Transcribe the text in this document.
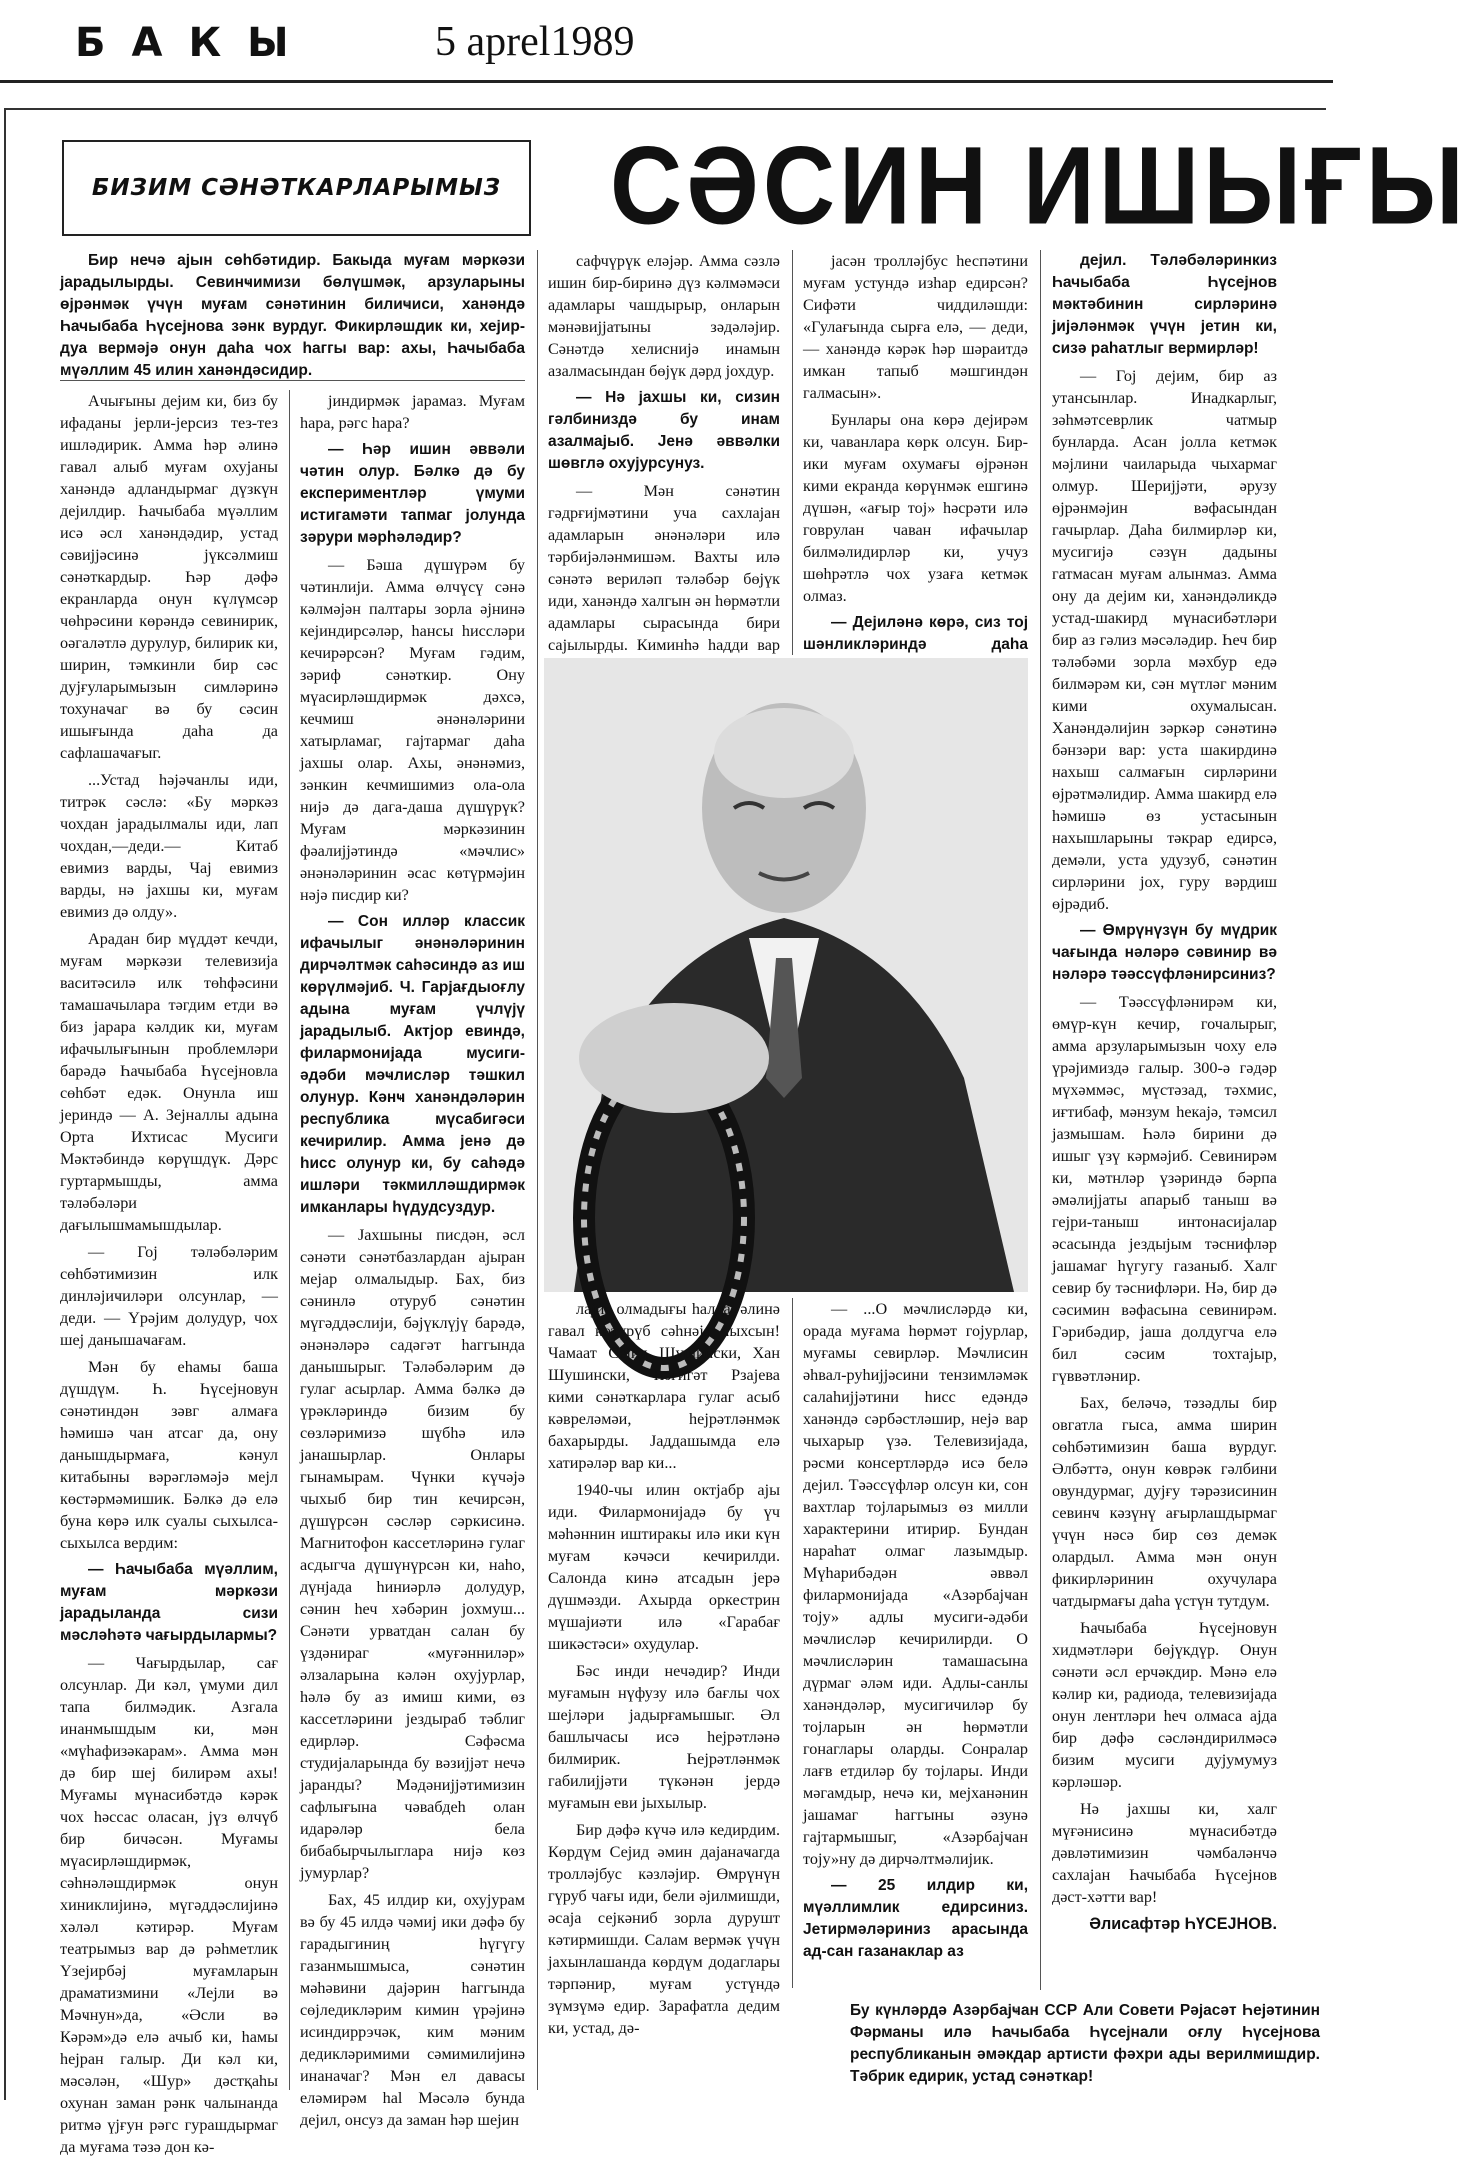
БАКЫ	5 aprel1989
БИЗИМ СӘНӘТКАРЛАРЫМЫЗ СӘСИН ИШЫҒЫ

Бир нечә ајын сөһбәтидир. Бакыда муғам мәркәзи јарадылырды. Севинҹимизи бөлүшмәк, арзуларыны өјрәнмәк үчүн муғам сәнәтинин билиҹиси, ханәндә Һачыбаба Һүсејнова зәнк вурдуг. Фикирләшдик ки, хејир-дуа вермәјә онун даһа чох һаггы вар: ахы, Һачыбаба мүәллим 45 илин ханәндәсидир.

Ачығыны дејим ки, биз бу ифаданы јерли-јерсиз тез-тез ишләдирик. Амма һәр әлинә гавал алыб муғам охујаны ханәндә адландырмаг дүзкүн дејилдир. Һачыбаба мүәллим исә әсл ханәндәдир, устад сәвијјәсинә јүксәлмиш сәнәткардыр. Һәр дәфә екранларда онун күлүмсәр чөһрәсини көрәндә севинирик, оәгаләтлә дурулур, билирик ки, ширин, тәмкинли бир сәс дујғуларымызын симләринә тохунаҹаг вә бу сәсин ишығында даһа да сафлашаҹағыг.

...Устад һәјәҹанлы иди, титрәк сәслә: «Бу мәркәз чохдан јарадылмалы иди, лап чохдан,—деди.— Китаб евимиз варды, Чај евимиз варды, нә јахшы ки, муғам евимиз дә олду».

Арадан бир мүддәт кечди, муғам мәркәзи телевизија васитәсилә илк төһфәсини тамашачылара тәгдим етди вә биз јарара кәлдик ки, муғам ифачылығынын проблемләри барәдә Һачыбаба Һүсејновла сөһбәт едәк. Онунла иш јериндә — А. Зејналлы адына Орта Ихтисас Мусиги Мәктәбиндә көрүшдүк. Дәрс гуртармышды, амма тәләбәләри дағылышмамышдылар.

— Гој тәләбәләрим сөһбәтимизин илк динләјиҹиләри олсунлар, — деди. — Үрәјим долудур, чох шеј данышаҹағам.

Мән бу еһамы баша дүшдүм. Һ. Һүсејновун сәнәтиндән зәвг алмаға һәмишә чан атсаг да, ону данышдырмаға, кәнул китабыны вәрәгләмәјә мејл көстәрмәмишик. Бәлкә дә елә буна көрә илк суалы сыхылса-сыхылса вердим:

— Һачыбаба мүәллим, муғам мәркәзи јарадыланда сизи мәсләһәтә чағырдылармы?

— Чағырдылар, сағ олсунлар. Ди кәл, үмуми дил тапа билмәдик. Азгала инанмышдым ки, мән «мүһафизәкарам». Амма мән дә бир шеј билирәм ахы! Муғамы мүнасибәтдә кәрәк чох һәссас оласан, јүз өлчүб бир бичәсән. Муғамы мүасирләшдирмәк, сәһнәләшдирмәк онун хиниклијинә, мүгәддәслијинә хәләл кәтирәр. Муғам театрымыз вар дә рәһметлик Үзејирбәј муғамларын драматизмини «Лејли вә Мәҹнун»да, «Әсли вә Кәрәм»дә елә ачыб ки, һамы һејран галыр. Ди кәл ки, мәсәлән, «Шур» дәстқаһы охунан заман рәнк чалынанда ритмә үјғун рәгс гурашдырмаг да муғама тәзә дон кә-

јиндирмәк јарамаз. Муғам һара, рәгс һара?

— Һәр ишин әввәли чәтин олур. Бәлкә дә бу експериментләр үмуми истигамәти тапмаг јолунда зәрури мәрһәләдир?

— Бәша дүшүрәм бу чәтинлији. Амма өлчүсү сәнә кәлмәјән палтары зорла әјнинә кејиндирсәләр, һансы һиссләри кечирәрсән? Муғам гәдим, зәриф сәнәткир. Ону мүасирләшдирмәк дәхсә, кечмиш әнәнәләрини хатырламаг, гајтармаг даһа јахшы олар. Ахы, әнәнәмиз, зәнкин кечмишимиз ола-ола нијә дә дага-даша дүшүрүк? Муғам мәркәзинин фәалијјәтиндә «мәҹлис» әнәнәләринин әсас көтүрмәјин нәјә писдир ки?

— Сон илләр классик ифачылыг әнәнәләринин дирчәлтмәк саһәсиндә аз иш көрүлмәјиб. Ч. Гарјағдыоғлу адына муғам үчлүјү јарадылыб. Актјор евиндә, филармонијада мусиги-әдәби мәҹлисләр тәшкил олунур. Кәнҹ ханәндәләрин республика мүсабигәси кечирилир. Амма јенә дә һисс олунур ки, бу саһәдә ишләри тәкмилләшдирмәк имканлары һүдудсуздур.

— Јахшыны писдән, әсл сәнәти сәнәтбазлардан ајыран мејар олмалыдыр. Бах, биз сәнинлә отуруб сәнәтин мүгәддәслији, бәјүклүјү барәдә, әнәнәләрә садәгәт һаггында данышырыг. Тәләбәләрим дә гулаг асырлар. Амма бәлкә дә үрәкләриндә бизим бу сөзләримизә шүбһә илә јанашырлар. Онлары гынамырам. Чүнки күчәјә чыхыб бир тин кечирсән, дүшүрсән сәсләр сәркисинә. Магнитофон кассетләринә гулаг асдыгча дүшүнүрсән ки, наһо, дүнјада һиниәрлә долудур, сәнин һеч хәбәрин јохмуш... Сәнәти урватдан салан бу үздәнираг «муғәнниләр» әлзаларына кәлән охујурлар, һәлә бу аз имиш кими, өз кассетләрини јездыраб тәблиг едирләр. Сәфәсма студијаларында бу вәзијјәт нечә јаранды? Мәдәнијјәтимизин сафлығына чәвабдеһ олан идарәләр бела бибабырчылыглара нијә көз јумурлар?

Бах, 45 илдир ки, охујурам вә бу 45 илдә чәмиј ики дәфә бу гарадыгиниң һүгүгу газанмышмыса, сәнәтин мәһәвини дајәрин һаггында сөјледикләрим кимин үрәјинә исиндиррэчәк, ким мәним дедикләримими сәмимилијинә инанаҹаг? Мән ел давасы еләмирәм hal Мәсәлә бунда дејил, онсуз да заман һәр шејин

сафчүрүк еләјәр. Амма сәзлә ишин бир-биринә дүз кәлмәмәси адамлары чашдырыр, онларын мәнәвијјатыны зәдәләјир. Сәнәтдә хелиснијә инамын азалмасындан бөјүк дәрд јохдур.

— Нә јахшы ки, сизин гәлбиниздә бу инам азалмајыб. Јенә әввәлки шөвглә охујурсунуз.

— Мән сәнәтин гәдрғијмәтини уча сахлајан адамларын әнәнәләри илә тәрбијәләнмишәм. Вахты илә сәнәтә вериләп тәләбәр бөјүк иди, ханәндә халгын ән һөрмәтли адамлары сырасында бири сајылырды. Киминһә һадди вар

јасән тролләјбус һеспәтини муғам устундә изһар едирсән? Сифәти чиддиләшди: «Гулағында сырға елә, — деди,— ханәндә кәрәк һәр шәраитдә имкан тапыб мәшгиндән галмасын».

Бунлары она көрә дејирәм ки, чаванлара көрк олсун. Бир-ики муғам охумағы өјрәнән кими екранда көрүнмәк ешгинә дүшән, «ағыр тој» һәсрәти илә говрулан чаван ифачылар билмәлидирләр ки, учуз шөһрәтлә чох узаға кетмәк олмаз.

— Дејиләнә көрә, сиз тој шәнликләриндә даһа

лајиг олмадығы һалда, әлинә гавал көтүрүб сәһнәјә чыхсын! Чамаат Сејид Шушински, Хан Шушински, Һәгигәт Рзајева кими сәнәткарлара гулаг асыб кәвреләмәи, һејрәтләнмәк бахарырды. Јаддашымда елә хатирәләр вар ки...

1940-чы илин октјабр ајы иди. Филармонијадә бу үч мәһәннин иштиракы илә ики күн муғам кәчәси кечирилди. Салонда кинә атсадын јерә дүшмәзди. Ахырда оркестрин мүшајиәти илә «Гарабағ шикәстәси» охудулар.

Бәс инди нечәдир? Инди муғамын нүфузу илә бағлы чох шејләри јадырғамышыг. Әл башлычасы исә һејрәтләнә билмирик. Һејрәтләнмәк габилијјәти түкәнән јердә муғамын еви јыхылыр.

Бир дәфә күчә илә кедирдим. Көрдүм Сејид әмин дајанаҹагда тролләјбус кәзләјир. Өмрүнүн гүруб чағы иди, бели әјилмишди, әсаја сејкәниб зорла дурушт кәтирмишди. Салам вермәк үчүн јахынлашанда көрдүм додаглары тәрпәнир, муғам устүндә зүмзүмә едир. Зарафатла дедим ки, устад, дә-

— ...О мәҹлисләрдә ки, орада муғама һөрмәт гојурлар, муғамы севирләр. Мәҹлисин әһвал-руһијјәсини тензимләмәк салаһијјәтини һисс едәндә ханәндә сәрбәстләшир, нејә вар чыхарыр үзә. Телевизијада, рәсми консертләрдә исә белә дејил. Тәәссүфләр олсун ки, сон вахтлар тојларымыз өз милли характерини итирир. Бундан нараһат олмаг лазымдыр. Мүһарибәдән әввәл филармонијада «Азәрбајҹан тоју» адлы мусиги-әдәби мәҹлисләр кечирилирди. О мәҹлисләрин тамашасына дүрмаг әләм иди. Адлы-санлы ханәндәләр, мусигичиләр бу тојларын ән һөрмәтли гонаглары оларды. Сонралар лағв етдиләр бу тојлары. Инди мәгамдыр, нечә ки, мејханәнин јашамаг һаггыны әзунә гајтармышыг, «Азәрбајҹан тоју»ну дә дирчәлтмәлијик.

— 25 илдир ки, мүәллимлик едирсиниз. Јетирмәләриниз арасында ад-сан газанаклар аз

дејил. Тәләбәләринкиз Һачыбаба Һүсејнов мәктәбинин сирләринә јијәләнмәк үчүн јетин ки, сизә раһатлыг вермирләр!

— Гој дејим, бир аз утансынлар. Инадкарлыг, зәһмәтсеврлик чатмыр бунларда. Асан јолла кетмәк мәјлини чаиларыда чыхармаг олмур. Шеријјәти, әрузу өјрәнмәјин вәфасындан гачырлар. Даһа билмирләр ки, мусигијә сәзүн дадыны гатмасан муғам алынмаз. Амма ону да дејим ки, ханәндәликдә устад-шакирд мүнасибәтләри бир аз гәлиз мәсәләдир. Һеч бир тәләбәми зорла мәхбур едә билмәрәм ки, сән мүтләг мәним кими охумалысан. Ханәндәлијин зәркәр сәнәтинә бәнзәри вар: уста шакирдинә нахыш салмағын сирләрини өјрәтмәлидир. Амма шакирд елә һәмишә өз устасынын нахышларыны тәкрар едирсә, демәли, уста удузуб, сәнәтин сирләрини јох, гуру вәрдиш өјрәдиб.

— Өмрүнүзүн бу мүдрик чағында нәләрә сәвинир вә нәләрә тәәссүфләнирсиниз?

— Тәәссүфләнирәм ки, өмүр-күн кечир, гочалырыг, амма арзуларымызын чоху елә үрәјимиздә галыр. 300-ә гәдәр мүхәммәс, мүстәзад, тәхмис, иғтибаф, мәнзум һекајә, тәмсил јазмышам. Һәлә бирини дә ишыг үзү кәрмәјиб. Севинирәм ки, мәтнләр үзәриндә бәрпа әмәлијјаты апарыб таныш вә гејри-таныш интонасијалар әсасында јездыјым тәснифләр јашамаг һүгугу газаныб. Халг севир бу тәснифләри. Нә, бир дә сәсимин вәфасына севинирәм. Гәрибәдир, јаша долдугча елә бил сәсим тохтајыр, гүввәтләнир.

Бах, беләчә, тәзәдлы бир овгатла гыса, амма ширин сөһбәтимизин баша вурдуг. Әлбәттә, онун көврәк гәлбини овундурмаг, дујғу тәрәзисинин севинҹ кәзүнү ағырлашдырмаг үчүн нәсә бир сөз демәк олардыл. Амма мән онун фикирләринин охучулара чатдырмағы даһа үстүн тутдум.

Һачыбаба Һүсејновун хидмәтләри бөјүкдүр. Онун сәнәти әсл ерчәкдир. Мәнә елә кәлир ки, радиода, телевизијада онун лентләри һеч олмаса ајда бир дәфә сәсләндирилмәсә бизим мусиги дујумумуз кәрләшәр.

Нә јахшы ки, халг мүғәнисинә мүнасибәтдә дәвләтимизин чәмбаләнчә сахлајан Һачыбаба Һүсејнов дәст-хәтти вар!

Әлисафтәр ҺҮСЕЈНОВ.

Бу күнләрдә Азәрбајҹан ССР Али Совети Рәјасәт Һејәтинин Фәрманы илә Һачыбаба Һүсејнали оғлу Һүсејнова республиканын әмәкдар артисти фәхри ады верилмишдир. Тәбрик едирик, устад сәнәткар!
